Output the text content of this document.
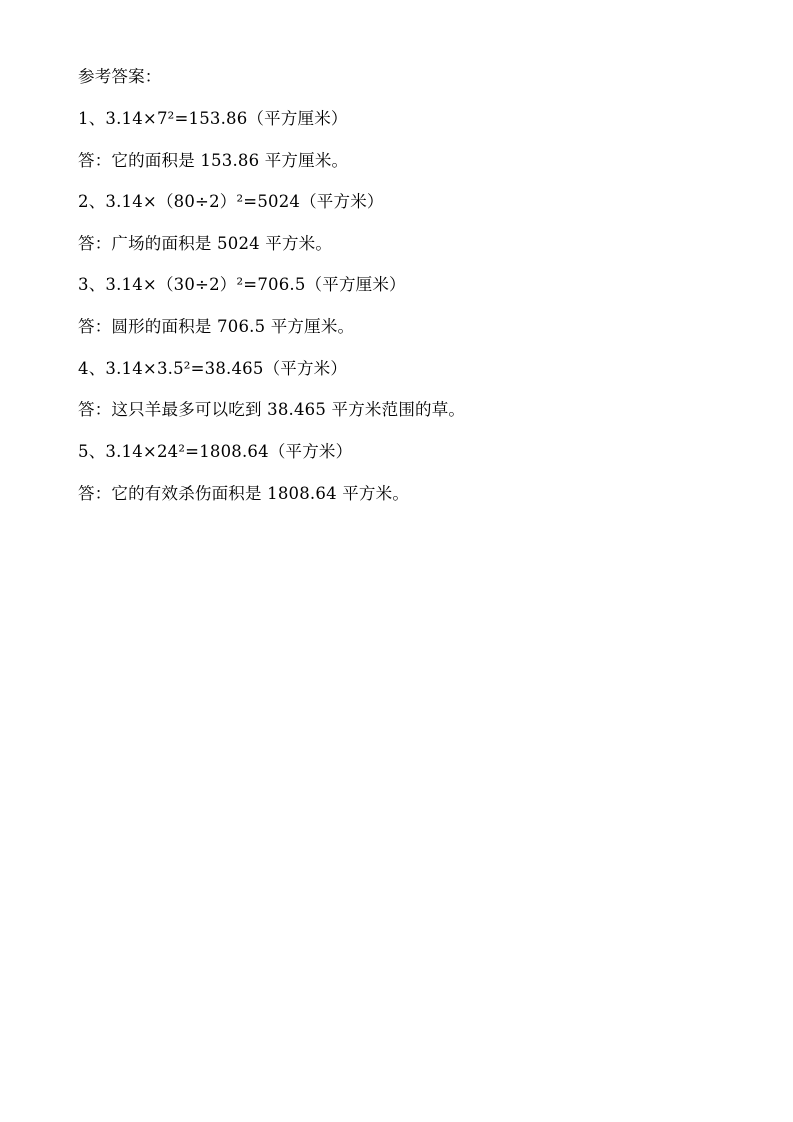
参考答案：
1、3.14×7²=153.86（平方厘米）
答：它的面积是 153.86 平方厘米。
2、3.14×（80÷2）²=5024（平方米）
答：广场的面积是 5024 平方米。
3、3.14×（30÷2）²=706.5（平方厘米）
答：圆形的面积是 706.5 平方厘米。
4、3.14×3.5²=38.465（平方米）
答：这只羊最多可以吃到 38.465 平方米范围的草。
5、3.14×24²=1808.64（平方米）
答：它的有效杀伤面积是 1808.64 平方米。
